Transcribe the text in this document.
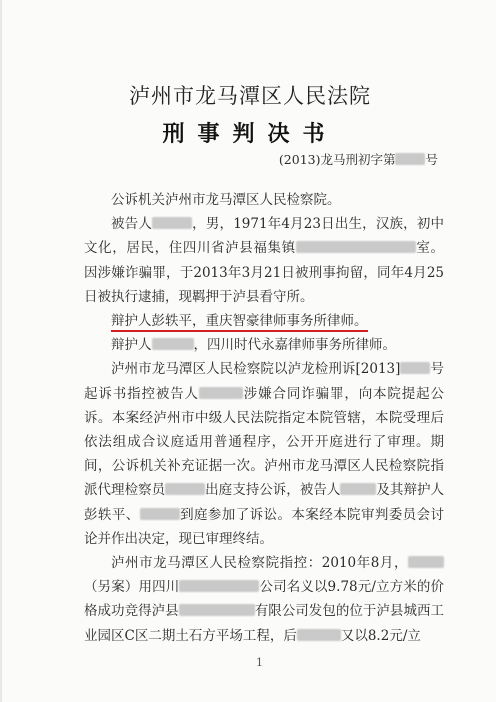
泸州市龙马潭区人民法院
刑事判决书
(2013)龙马刑初字第 号

公诉机关泸州市龙马潭区人民检察院。

被告人	，男，1971年4月23日出生，汉族，初中文化，居民，住四川省泸县福集镇	室。因涉嫌诈骗罪，于2013年3月21日被刑事拘留，同年4月25日被执行逮捕，现羁押于泸县看守所。

辩护人彭轶平，重庆智豪律师事务所律师。

辩护人	，四川时代永嘉律师事务所律师。

泸州市龙马潭区人民检察院以泸龙检刑诉[2013] 号起诉书指控被告人	涉嫌合同诈骗罪，向本院提起公诉。本案经泸州市中级人民法院指定本院管辖，本院受理后依法组成合议庭适用普通程序，公开开庭进行了审理。期间，公诉机关补充证据一次。泸州市龙马潭区人民检察院指派代理检察员	出庭支持公诉，被告人	及其辩护人彭轶平、	到庭参加了诉讼。本案经本院审判委员会讨论并作出决定，现已审理终结。

泸州市龙马潭区人民检察院指控：2010年8月，（另案）用四川	公司名义以9.78元/立方米的价格成功竞得泸县	有限公司发包的位于泸县城西工业园区C区二期土石方平场工程，后	又以8.2元/立

1
